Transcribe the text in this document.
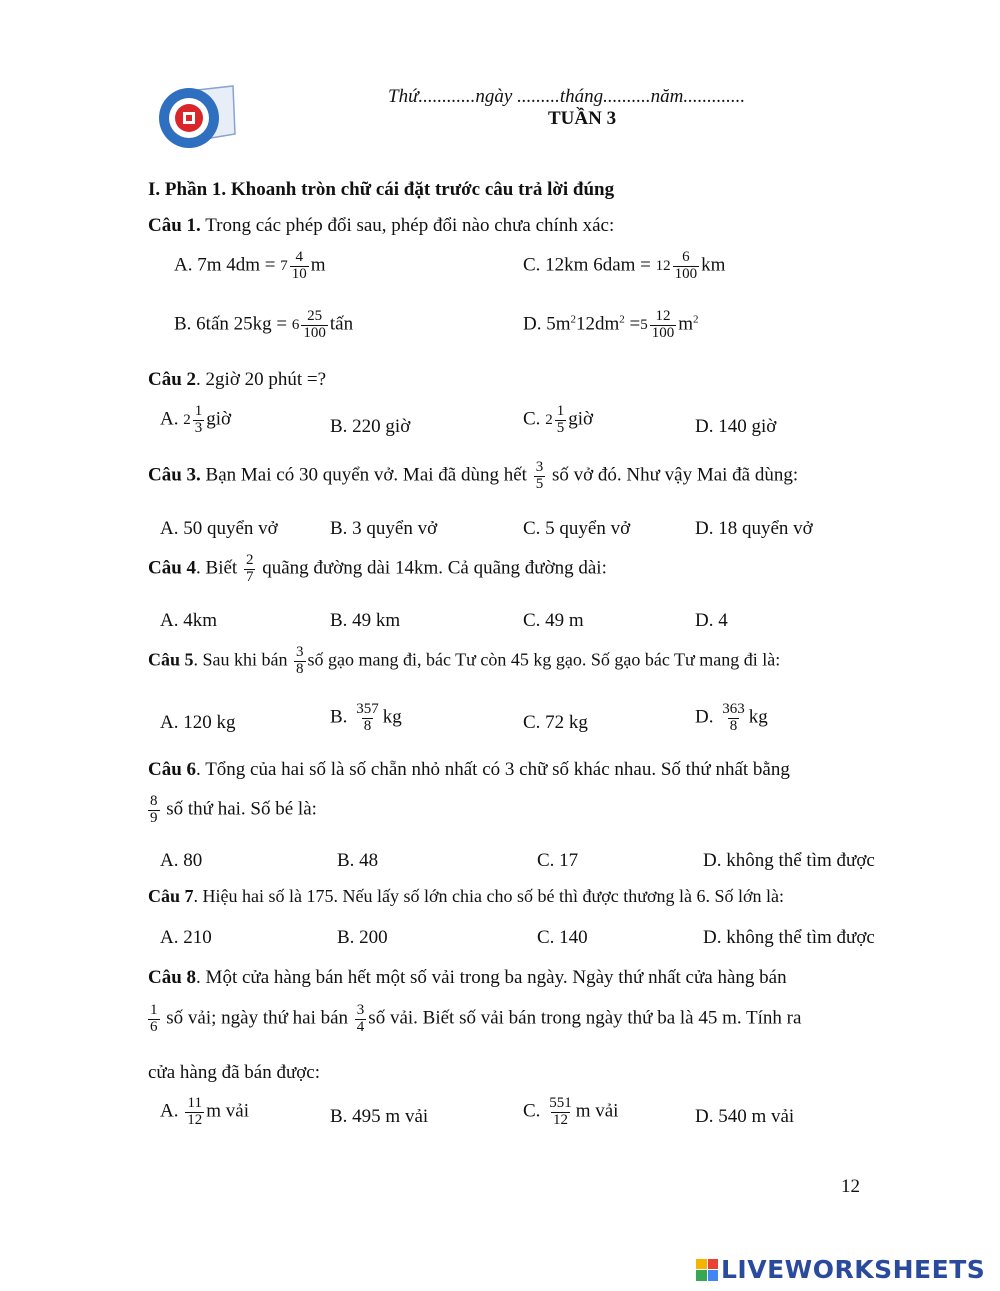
Thứ............ngày .........tháng..........năm.............
TUẦN 3
I. Phần 1. Khoanh tròn chữ cái đặt trước câu trả lời đúng
Câu 1. Trong các phép đổi sau, phép đổi nào chưa chính xác:
A. 7m $4dm = 7 \frac{4}{10}$ m	C. 12km $6dam = 12 \frac{6}{100}$ km
B. 6tấn $25kg = 6 \frac{25}{100}$ tấn	D. $5m^212dm^2 =5 \frac{12}{100} m^2$
Câu 2. 2giờ 20 phút =?
A. $2 \frac{1}{3}$ giờ	B. 220 giờ	C. $2 \frac{1}{5}$ giờ	D. 140 giờ
Câu 3. Bạn Mai có 30 quyển vở. Mai đã dùng hết $\frac{3}{5}$ số vở đó. Như vậy Mai đã dùng:
A. 50 quyển vở	B. 3 quyển vở	C. 5 quyển vở	D. 18 quyển vở
Câu 4. Biết $\frac{2}{7}$ quãng đường dài 14km. Cả quãng đường dài:
A. 4km	B. 49 km	C. 49 m	D. 4
Câu 5. Sau khi bán $\frac{3}{8}$ số gạo mang đi, bác Tư còn 45 kg gạo. Số gạo bác Tư mang đi là:
A. 120 kg	B. $\frac{357}{8}$ kg	C. 72 kg	D. $\frac{363}{8}$ kg
Câu 6. Tổng của hai số là số chẵn nhỏ nhất có 3 chữ số khác nhau. Số thứ nhất bằng
$\frac{8}{9}$ số thứ hai. Số bé là:
A. 80	B. 48	C. 17	D. không thể tìm được
Câu 7. Hiệu hai số là 175. Nếu lấy số lớn chia cho số bé thì được thương là 6. Số lớn là:
A. 210	B. 200	C. 140	D. không thể tìm được
Câu 8. Một cửa hàng bán hết một số vải trong ba ngày. Ngày thứ nhất cửa hàng bán
$\frac{1}{6}$ số vải; ngày thứ hai bán $\frac{3}{4}$ số vải. Biết số vải bán trong ngày thứ ba là 45 m. Tính ra
cửa hàng đã bán được:
A. $\frac{11}{12}$ m vải	B. 495 m vải	C. $\frac{551}{12}$ m vải	D. 540 m vải
12
LIVEWORKSHEETS
